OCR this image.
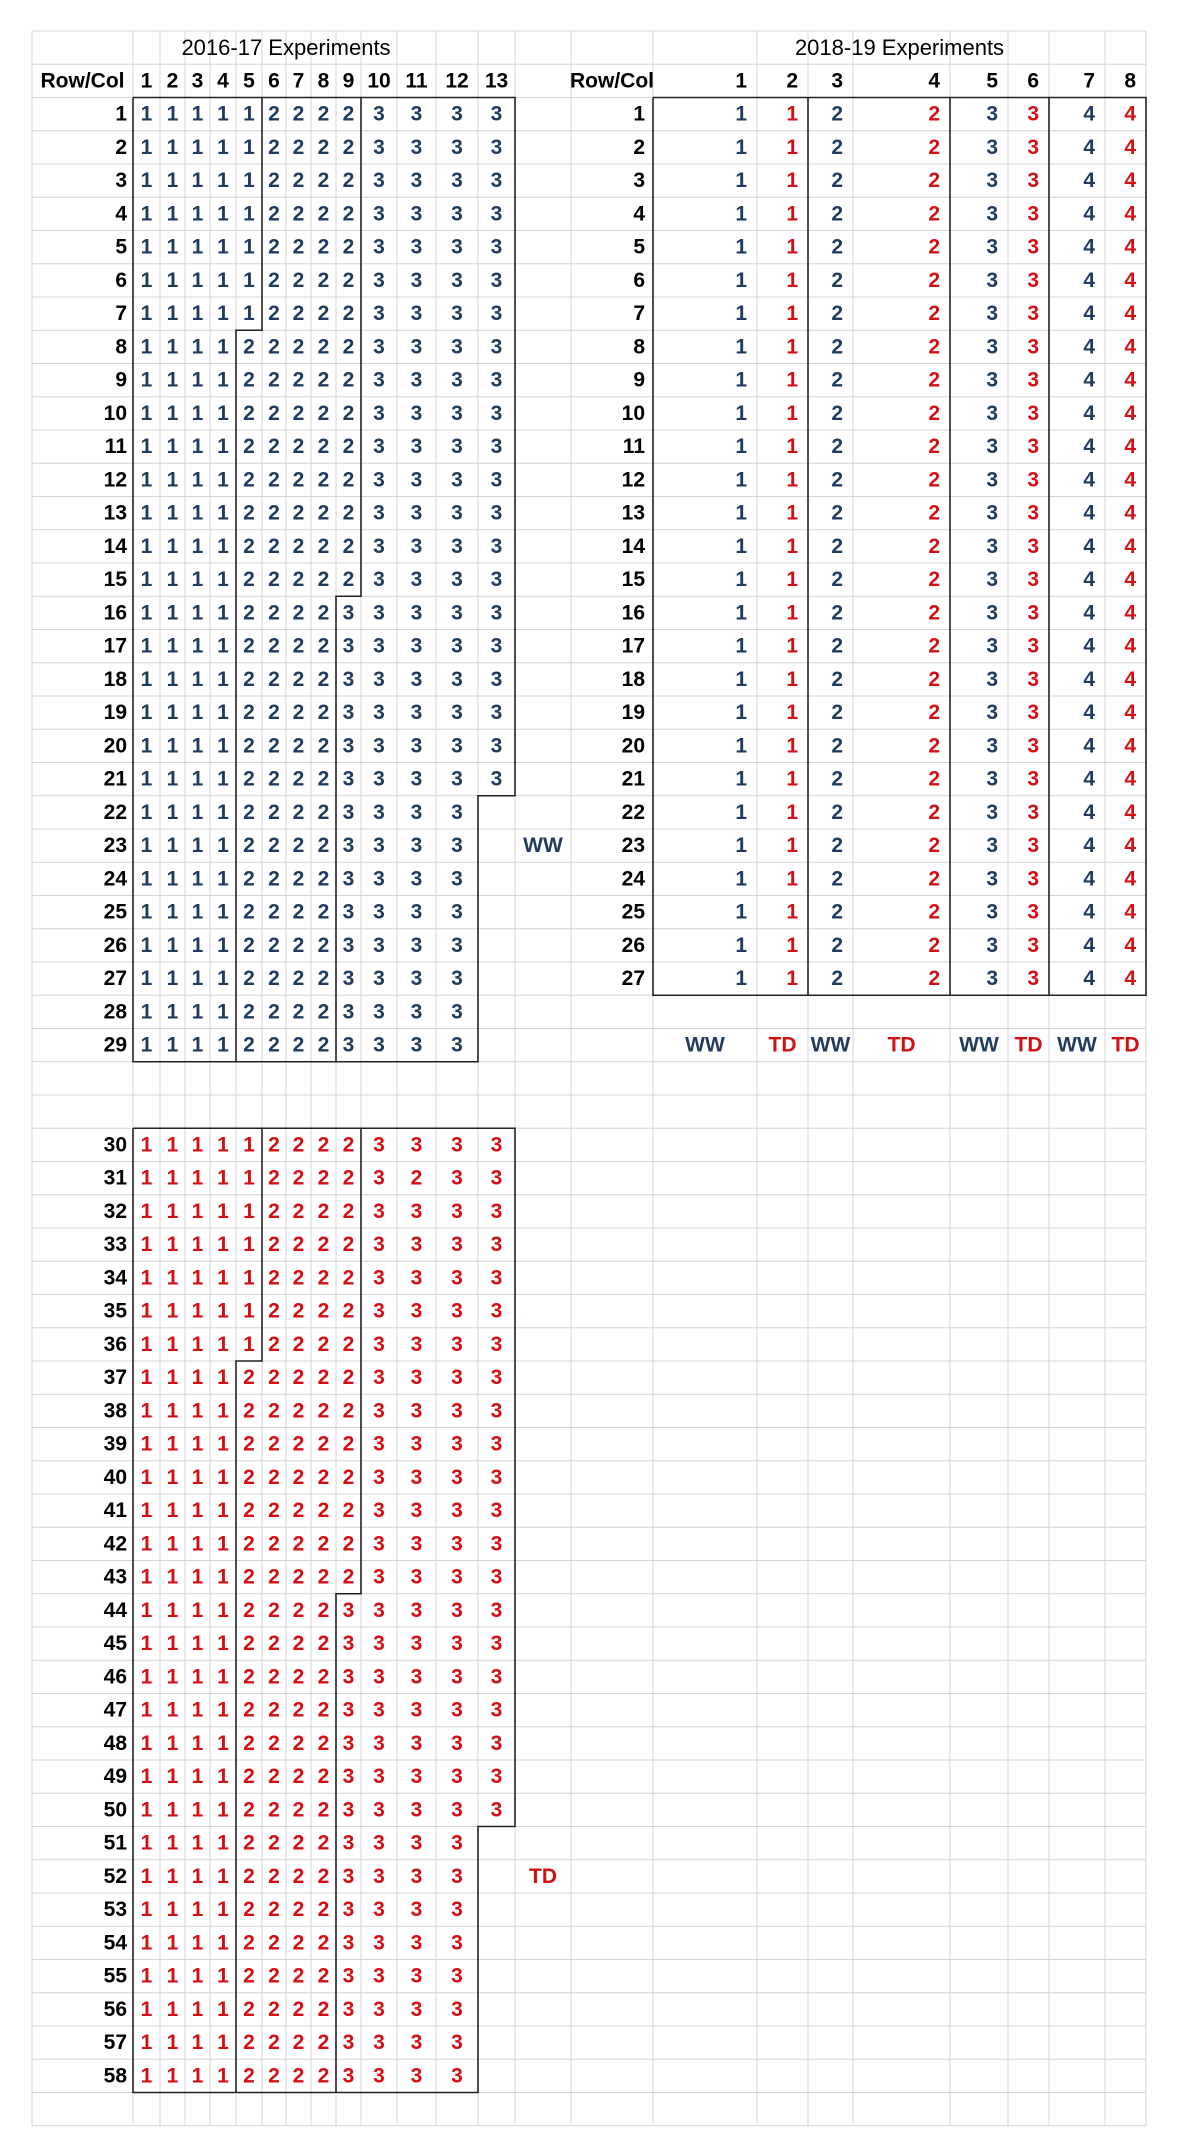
2016-17 Experiments
Row/Col 1 2 3 4 5 6 7 8 9 10 11 12 13
1 1 1 1 1 1 2 2 2 2 3 3 3 3
2 1 1 1 1 1 2 2 2 2 3 3 3 3
3 1 1 1 1 1 2 2 2 2 3 3 3 3
4 1 1 1 1 1 2 2 2 2 3 3 3 3
5 1 1 1 1 1 2 2 2 2 3 3 3 3
6 1 1 1 1 1 2 2 2 2 3 3 3 3
7 1 1 1 1 1 2 2 2 2 3 3 3 3
8 1 1 1 1 2 2 2 2 2 3 3 3 3
9 1 1 1 1 2 2 2 2 2 3 3 3 3
10 1 1 1 1 2 2 2 2 2 3 3 3 3
11 1 1 1 1 2 2 2 2 2 3 3 3 3
12 1 1 1 1 2 2 2 2 2 3 3 3 3
13 1 1 1 1 2 2 2 2 2 3 3 3 3
14 1 1 1 1 2 2 2 2 2 3 3 3 3
15 1 1 1 1 2 2 2 2 2 3 3 3 3
16 1 1 1 1 2 2 2 2 3 3 3 3 3
17 1 1 1 1 2 2 2 2 3 3 3 3 3
18 1 1 1 1 2 2 2 2 3 3 3 3 3
19 1 1 1 1 2 2 2 2 3 3 3 3 3
20 1 1 1 1 2 2 2 2 3 3 3 3 3
21 1 1 1 1 2 2 2 2 3 3 3 3 3
22 1 1 1 1 2 2 2 2 3 3 3 3
23 1 1 1 1 2 2 2 2 3 3 3 3
24 1 1 1 1 2 2 2 2 3 3 3 3
25 1 1 1 1 2 2 2 2 3 3 3 3
26 1 1 1 1 2 2 2 2 3 3 3 3
27 1 1 1 1 2 2 2 2 3 3 3 3
28 1 1 1 1 2 2 2 2 3 3 3 3
29 1 1 1 1 2 2 2 2 3 3 3 3
30 1 1 1 1 1 2 2 2 2 3 3 3 3
31 1 1 1 1 1 2 2 2 2 3 2 3 3
32 1 1 1 1 1 2 2 2 2 3 3 3 3
33 1 1 1 1 1 2 2 2 2 3 3 3 3
34 1 1 1 1 1 2 2 2 2 3 3 3 3
35 1 1 1 1 1 2 2 2 2 3 3 3 3
36 1 1 1 1 1 2 2 2 2 3 3 3 3
37 1 1 1 1 2 2 2 2 2 3 3 3 3
38 1 1 1 1 2 2 2 2 2 3 3 3 3
39 1 1 1 1 2 2 2 2 2 3 3 3 3
40 1 1 1 1 2 2 2 2 2 3 3 3 3
41 1 1 1 1 2 2 2 2 2 3 3 3 3
42 1 1 1 1 2 2 2 2 2 3 3 3 3
43 1 1 1 1 2 2 2 2 2 3 3 3 3
44 1 1 1 1 2 2 2 2 3 3 3 3 3
45 1 1 1 1 2 2 2 2 3 3 3 3 3
46 1 1 1 1 2 2 2 2 3 3 3 3 3
47 1 1 1 1 2 2 2 2 3 3 3 3 3
48 1 1 1 1 2 2 2 2 3 3 3 3 3
49 1 1 1 1 2 2 2 2 3 3 3 3 3
50 1 1 1 1 2 2 2 2 3 3 3 3 3
51 1 1 1 1 2 2 2 2 3 3 3 3
52 1 1 1 1 2 2 2 2 3 3 3 3
53 1 1 1 1 2 2 2 2 3 3 3 3
54 1 1 1 1 2 2 2 2 3 3 3 3
55 1 1 1 1 2 2 2 2 3 3 3 3
56 1 1 1 1 2 2 2 2 3 3 3 3
57 1 1 1 1 2 2 2 2 3 3 3 3
58 1 1 1 1 2 2 2 2 3 3 3 3
WW
TD
2018-19 Experiments
Row/Col	1 2 3	4 5 6 7 8
1	1 1 2	2 3 3 4 4
2	1 1 2	2 3 3 4 4
3	1 1 2	2 3 3 4 4
4	1 1 2	2 3 3 4 4
5	1 1 2	2 3 3 4 4
6	1 1 2	2 3 3 4 4
7	1 1 2	2 3 3 4 4
8	1 1 2	2 3 3 4 4
9	1 1 2	2 3 3 4 4
10	1 1 2	2 3 3 4 4
11	1 1 2	2 3 3 4 4
12	1 1 2	2 3 3 4 4
13	1 1 2	2 3 3 4 4
14	1 1 2	2 3 3 4 4
15	1 1 2	2 3 3 4 4
16	1 1 2	2 3 3 4 4
17	1 1 2	2 3 3 4 4
18	1 1 2	2 3 3 4 4
19	1 1 2	2 3 3 4 4
20	1 1 2	2 3 3 4 4
21	1 1 2	2 3 3 4 4
22	1 1 2	2 3 3 4 4
23	1 1 2	2 3 3 4 4
24	1 1 2	2 3 3 4 4
25	1 1 2	2 3 3 4 4
26	1 1 2	2 3 3 4 4
27	1 1 2	2 3 3 4 4
WW TD WW TD WW TD WW TD
